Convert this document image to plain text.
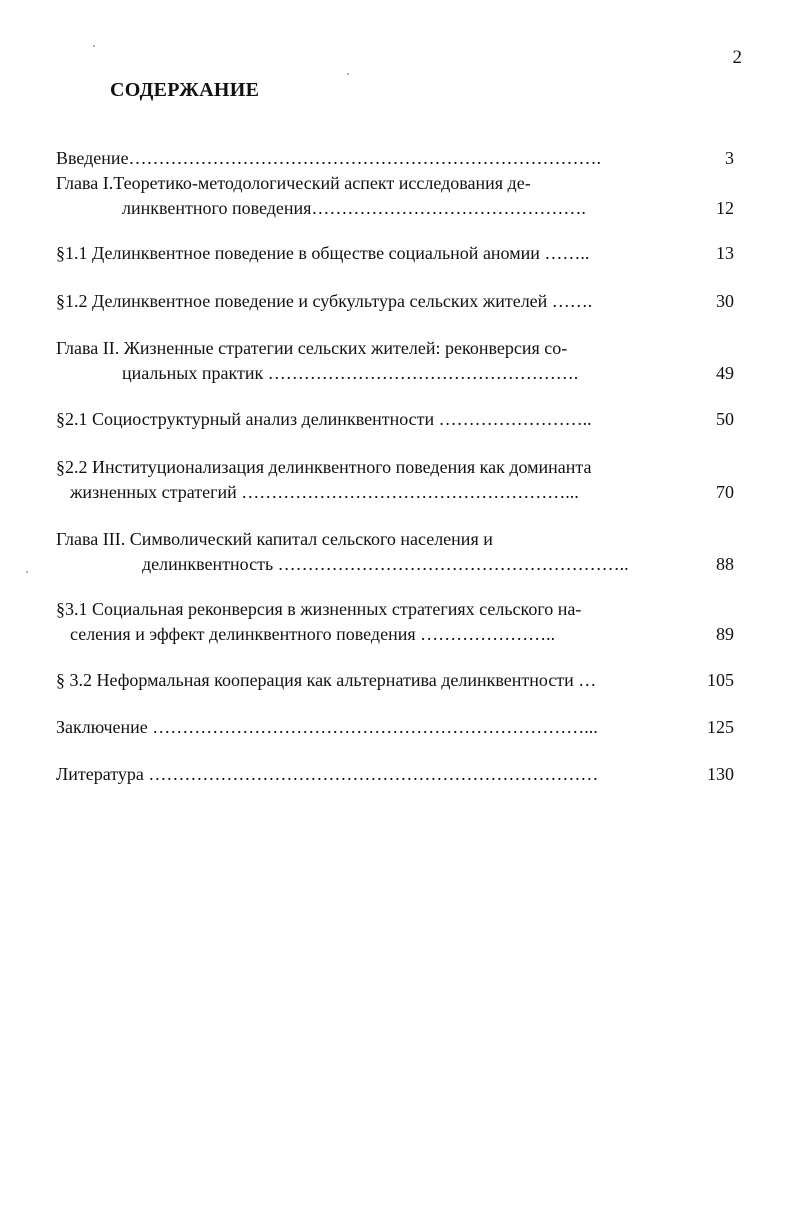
2
СОДЕРЖАНИЕ
Введение…………………………………………………………………….	3
Глава I.Теоретико-методологический аспект исследования де-
линквентного поведения……………………………………….	12
§1.1 Делинквентное поведение в обществе социальной аномии ……..	13
§1.2 Делинквентное поведение и субкультура сельских жителей …….	30
Глава II. Жизненные стратегии сельских жителей: реконверсия со-
циальных практик …………………………………………….	49
§2.1 Социоструктурный анализ делинквентности ……………………..	50
§2.2 Институционализация делинквентного поведения как доминанта
жизненных стратегий ………………………………………………...	70
Глава III. Символический капитал сельского населения и
делинквентность …………………………………………………..	88
§3.1 Социальная реконверсия в жизненных стратегиях сельского на-
селения и эффект делинквентного поведения …………………..	89
§ 3.2 Неформальная кооперация как альтернатива делинквентности …	105
Заключение ………………………………………………………………...	125
Литература …………………………………………………………………	130
